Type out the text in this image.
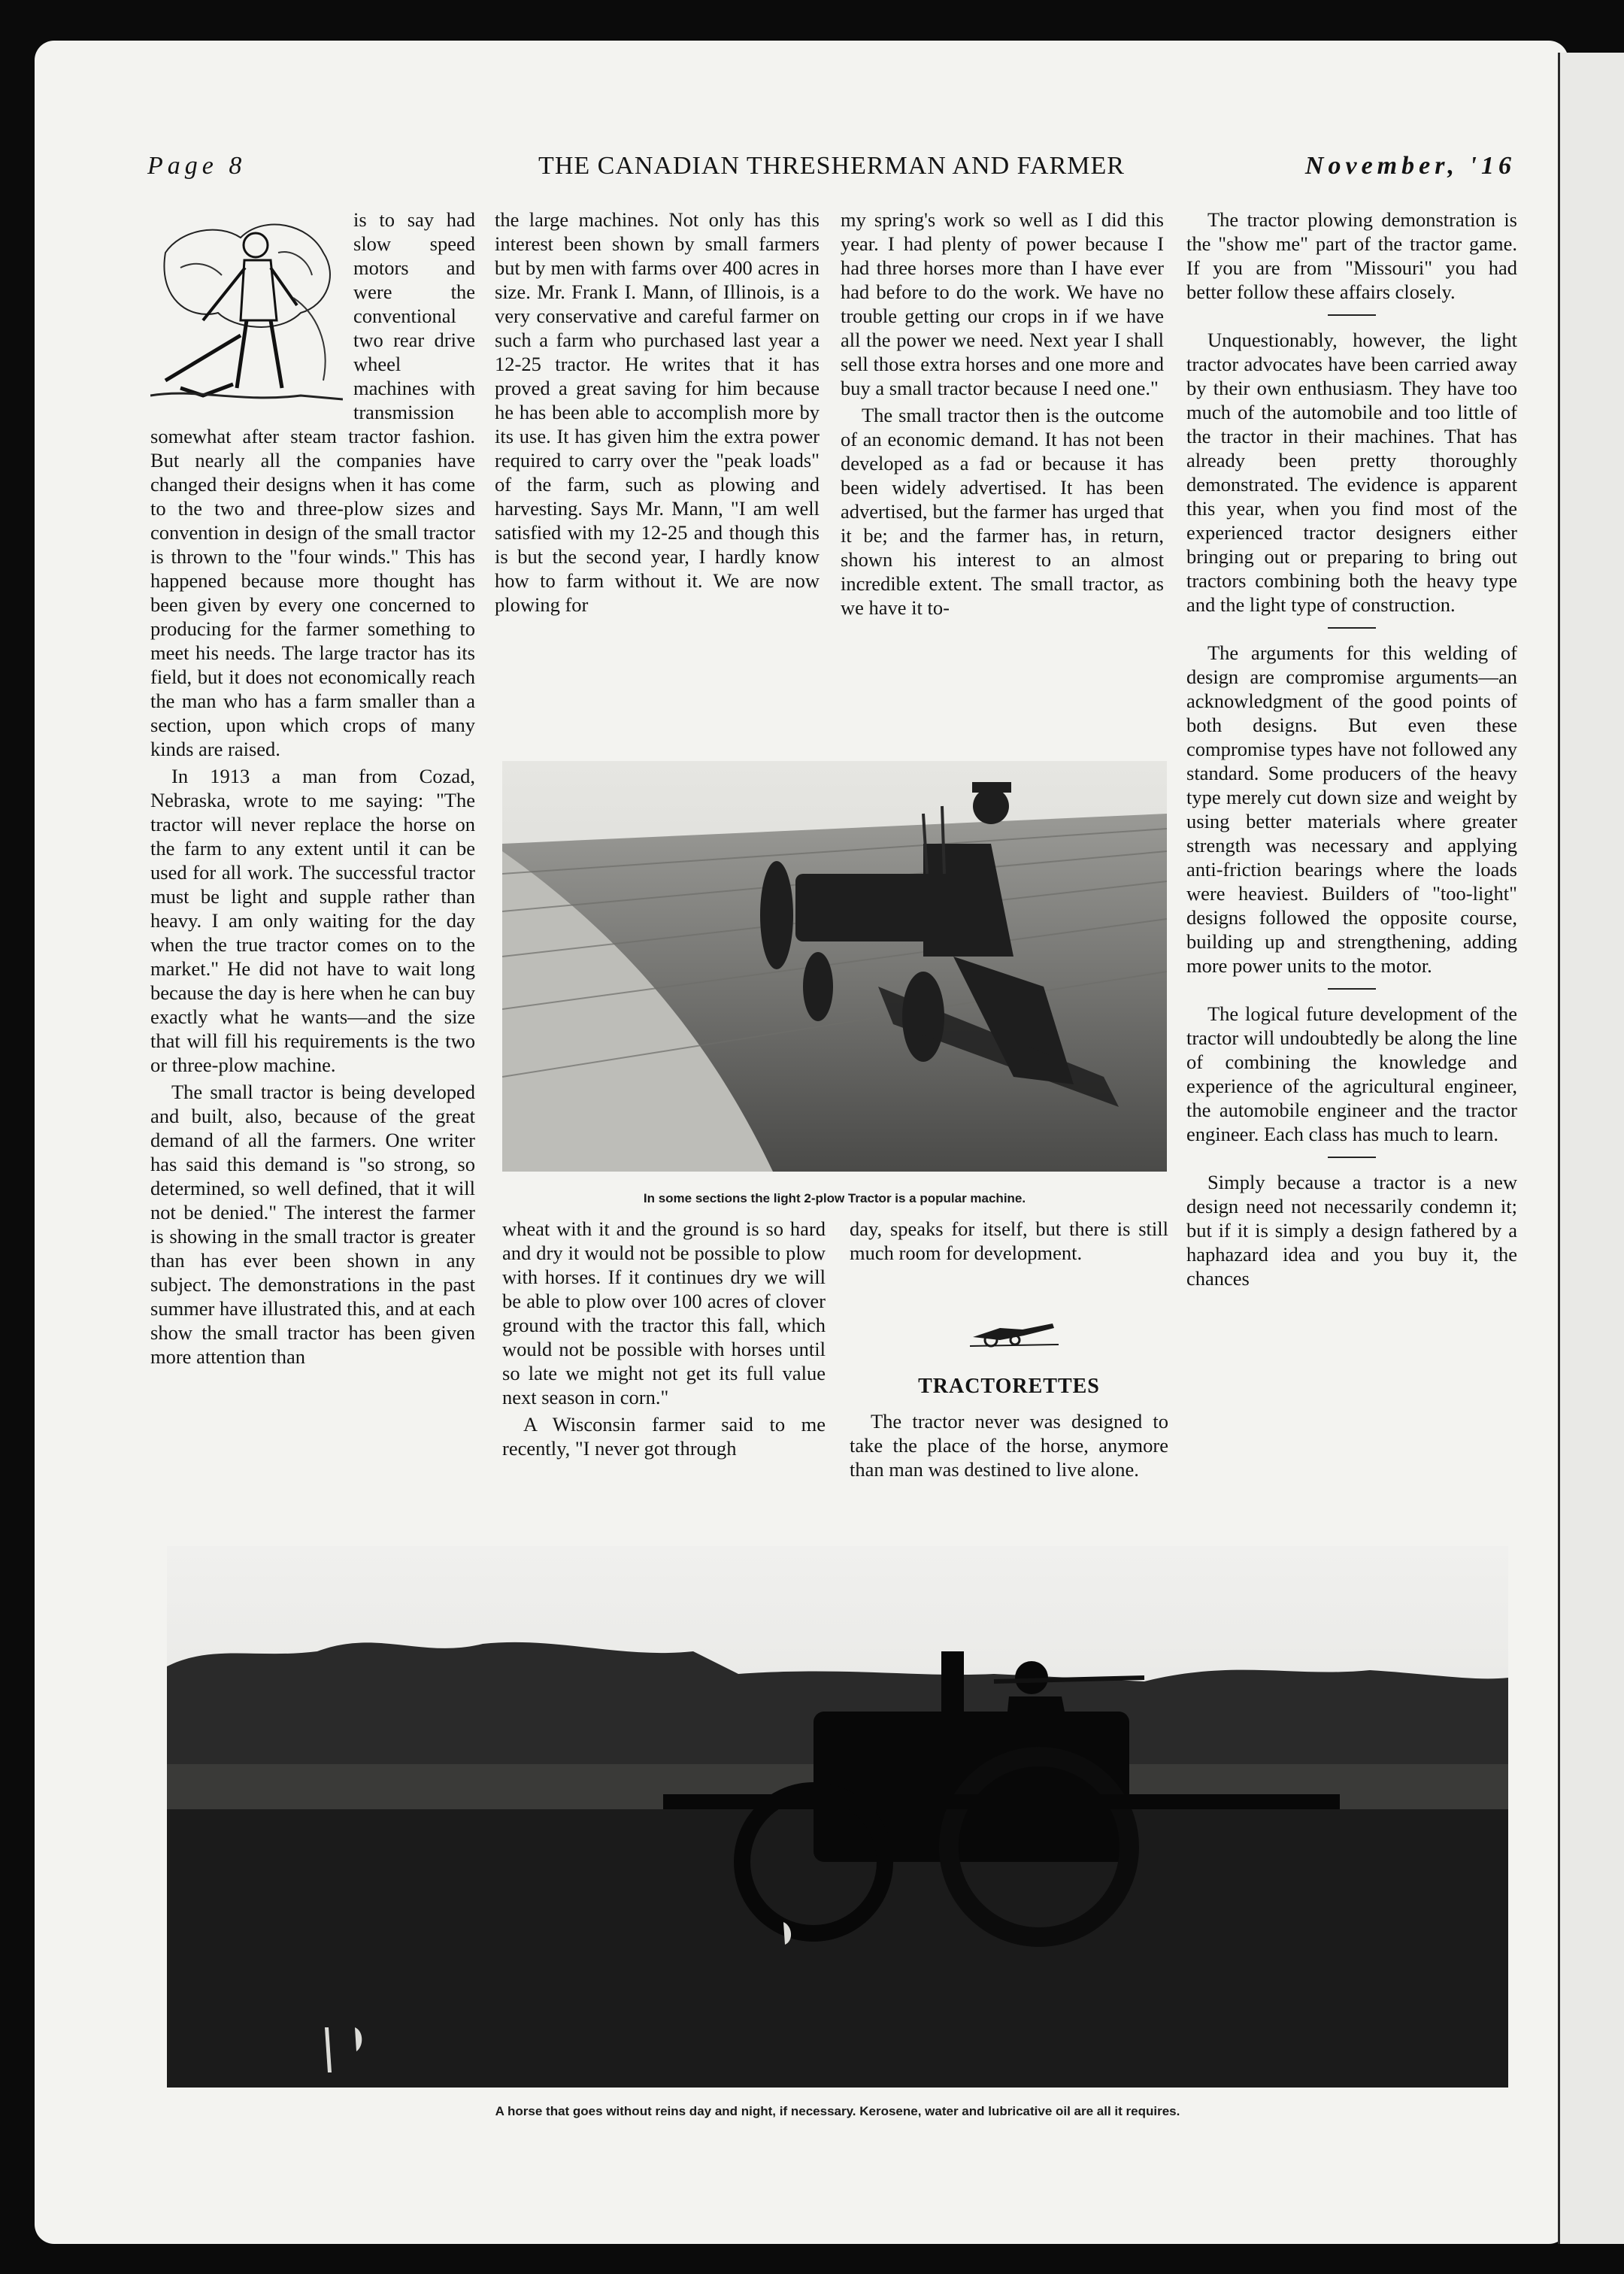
Page 8	THE CANADIAN THRESHERMAN AND FARMER	November, '16

is to say had slow speed motors and were the conventional two rear drive wheel machines with transmission somewhat after steam tractor fashion. But nearly all the companies have changed their designs when it has come to the two and three-plow sizes and convention in design of the small tractor is thrown to the "four winds." This has happened because more thought has been given by every one concerned to producing for the farmer something to meet his needs. The large tractor has its field, but it does not economically reach the man who has a farm smaller than a section, upon which crops of many kinds are raised.

In 1913 a man from Cozad, Nebraska, wrote to me saying: "The tractor will never replace the horse on the farm to any extent until it can be used for all work. The successful tractor must be light and supple rather than heavy. I am only waiting for the day when the true tractor comes on to the market." He did not have to wait long because the day is here when he can buy exactly what he wants—and the size that will fill his requirements is the two or three-plow machine.

The small tractor is being developed and built, also, because of the great demand of all the farmers. One writer has said this demand is "so strong, so determined, so well defined, that it will not be denied." The interest the farmer is showing in the small tractor is greater than has ever been shown in any subject. The demonstrations in the past summer have illustrated this, and at each show the small tractor has been given more attention than

the large machines. Not only has this interest been shown by small farmers but by men with farms over 400 acres in size. Mr. Frank I. Mann, of Illinois, is a very conservative and careful farmer on such a farm who purchased last year a 12-25 tractor. He writes that it has proved a great saving for him because he has been able to accomplish more by its use. It has given him the extra power required to carry over the "peak loads" of the farm, such as plowing and harvesting. Says Mr. Mann, "I am well satisfied with my 12-25 and though this is but the second year, I hardly know how to farm without it. We are now plowing for

my spring's work so well as I did this year. I had plenty of power because I had three horses more than I have ever had before to do the work. We have no trouble getting our crops in if we have all the power we need. Next year I shall sell those extra horses and one more and buy a small tractor because I need one."

The small tractor then is the outcome of an economic demand. It has not been developed as a fad or because it has been widely advertised. It has been advertised, but the farmer has urged that it be; and the farmer has, in return, shown his interest to an almost incredible extent. The small tractor, as we have it to-

In some sections the light 2-plow Tractor is a popular machine.

wheat with it and the ground is so hard and dry it would not be possible to plow with horses. If it continues dry we will be able to plow over 100 acres of clover ground with the tractor this fall, which would not be possible with horses until so late we might not get its full value next season in corn."

A Wisconsin farmer said to me recently, "I never got through

day, speaks for itself, but there is still much room for development.

TRACTORETTES

The tractor never was designed to take the place of the horse, anymore than man was destined to live alone.

The tractor plowing demonstration is the "show me" part of the tractor game. If you are from "Missouri" you had better follow these affairs closely.

Unquestionably, however, the light tractor advocates have been carried away by their own enthusiasm. They have too much of the automobile and too little of the tractor in their machines. That has already been pretty thoroughly demonstrated. The evidence is apparent this year, when you find most of the experienced tractor designers either bringing out or preparing to bring out tractors combining both the heavy type and the light type of construction.

The arguments for this welding of design are compromise arguments—an acknowledgment of the good points of both designs. But even these compromise types have not followed any standard. Some producers of the heavy type merely cut down size and weight by using better materials where greater strength was necessary and applying anti-friction bearings where the loads were heaviest. Builders of "too-light" designs followed the opposite course, building up and strengthening, adding more power units to the motor.

The logical future development of the tractor will undoubtedly be along the line of combining the knowledge and experience of the agricultural engineer, the automobile engineer and the tractor engineer. Each class has much to learn.

Simply because a tractor is a new design need not necessarily condemn it; but if it is simply a design fathered by a haphazard idea and you buy it, the chances

A horse that goes without reins day and night, if necessary. Kerosene, water and lubricative oil are all it requires.
